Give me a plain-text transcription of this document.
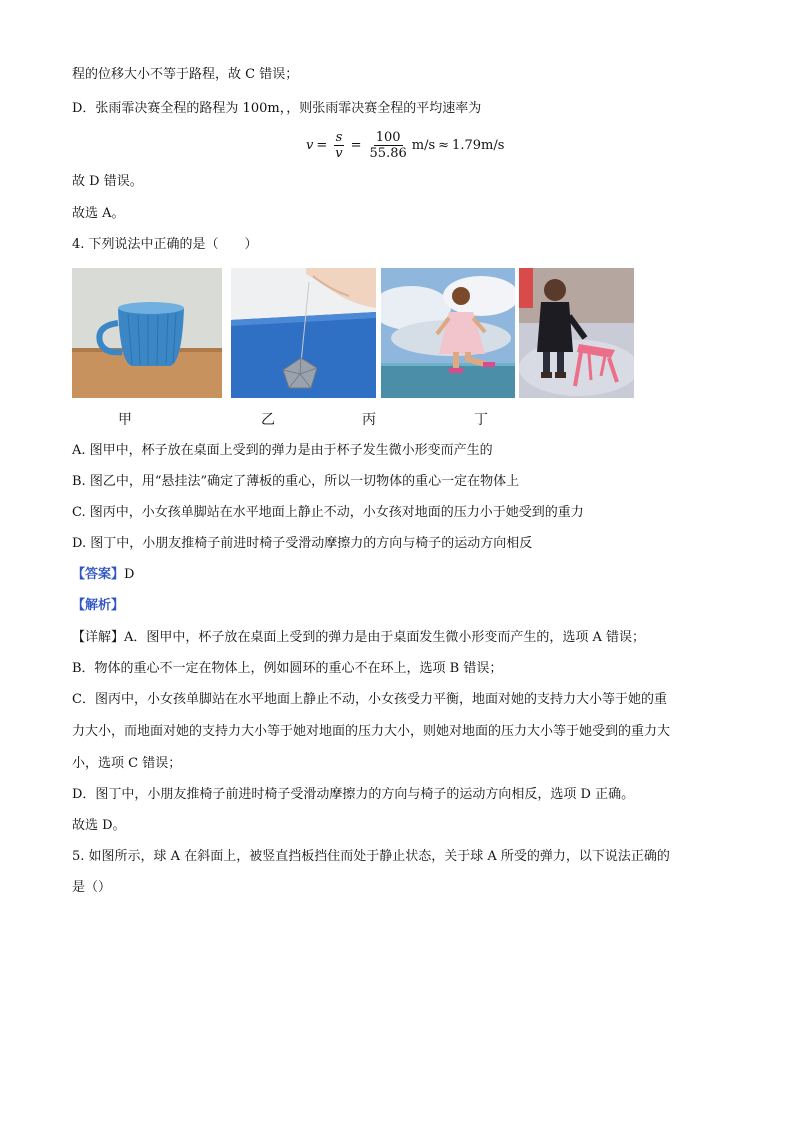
程的位移大小不等于路程，故 C 错误；
D．张雨霏决赛全程的路程为 100m，，则张雨霏决赛全程的平均速率为
$v = \frac{s}{v} = \frac{100}{55.86} m/s \approx 1.79m/s$
故 D 错误。
故选 A。
4. 下列说法中正确的是（　　）
甲	乙	丙	丁
A. 图甲中，杯子放在桌面上受到的弹力是由于杯子发生微小形变而产生的
B. 图乙中，用“悬挂法”确定了薄板的重心，所以一切物体的重心一定在物体上
C. 图丙中，小女孩单脚站在水平地面上静止不动，小女孩对地面的压力小于她受到的重力
D. 图丁中，小朋友推椅子前进时椅子受滑动摩擦力的方向与椅子的运动方向相反
【答案】D
【解析】
【详解】A．图甲中，杯子放在桌面上受到的弹力是由于桌面发生微小形变而产生的，选项 A 错误；
B．物体的重心不一定在物体上，例如圆环的重心不在环上，选项 B 错误；
C．图丙中，小女孩单脚站在水平地面上静止不动，小女孩受力平衡，地面对她的支持力大小等于她的重
力大小，而地面对她的支持力大小等于她对地面的压力大小，则她对地面的压力大小等于她受到的重力大
小，选项 C 错误；
D．图丁中，小朋友推椅子前进时椅子受滑动摩擦力的方向与椅子的运动方向相反，选项 D 正确。
故选 D。
5. 如图所示，球 A 在斜面上，被竖直挡板挡住而处于静止状态，关于球 A 所受的弹力，以下说法正确的
是（）
